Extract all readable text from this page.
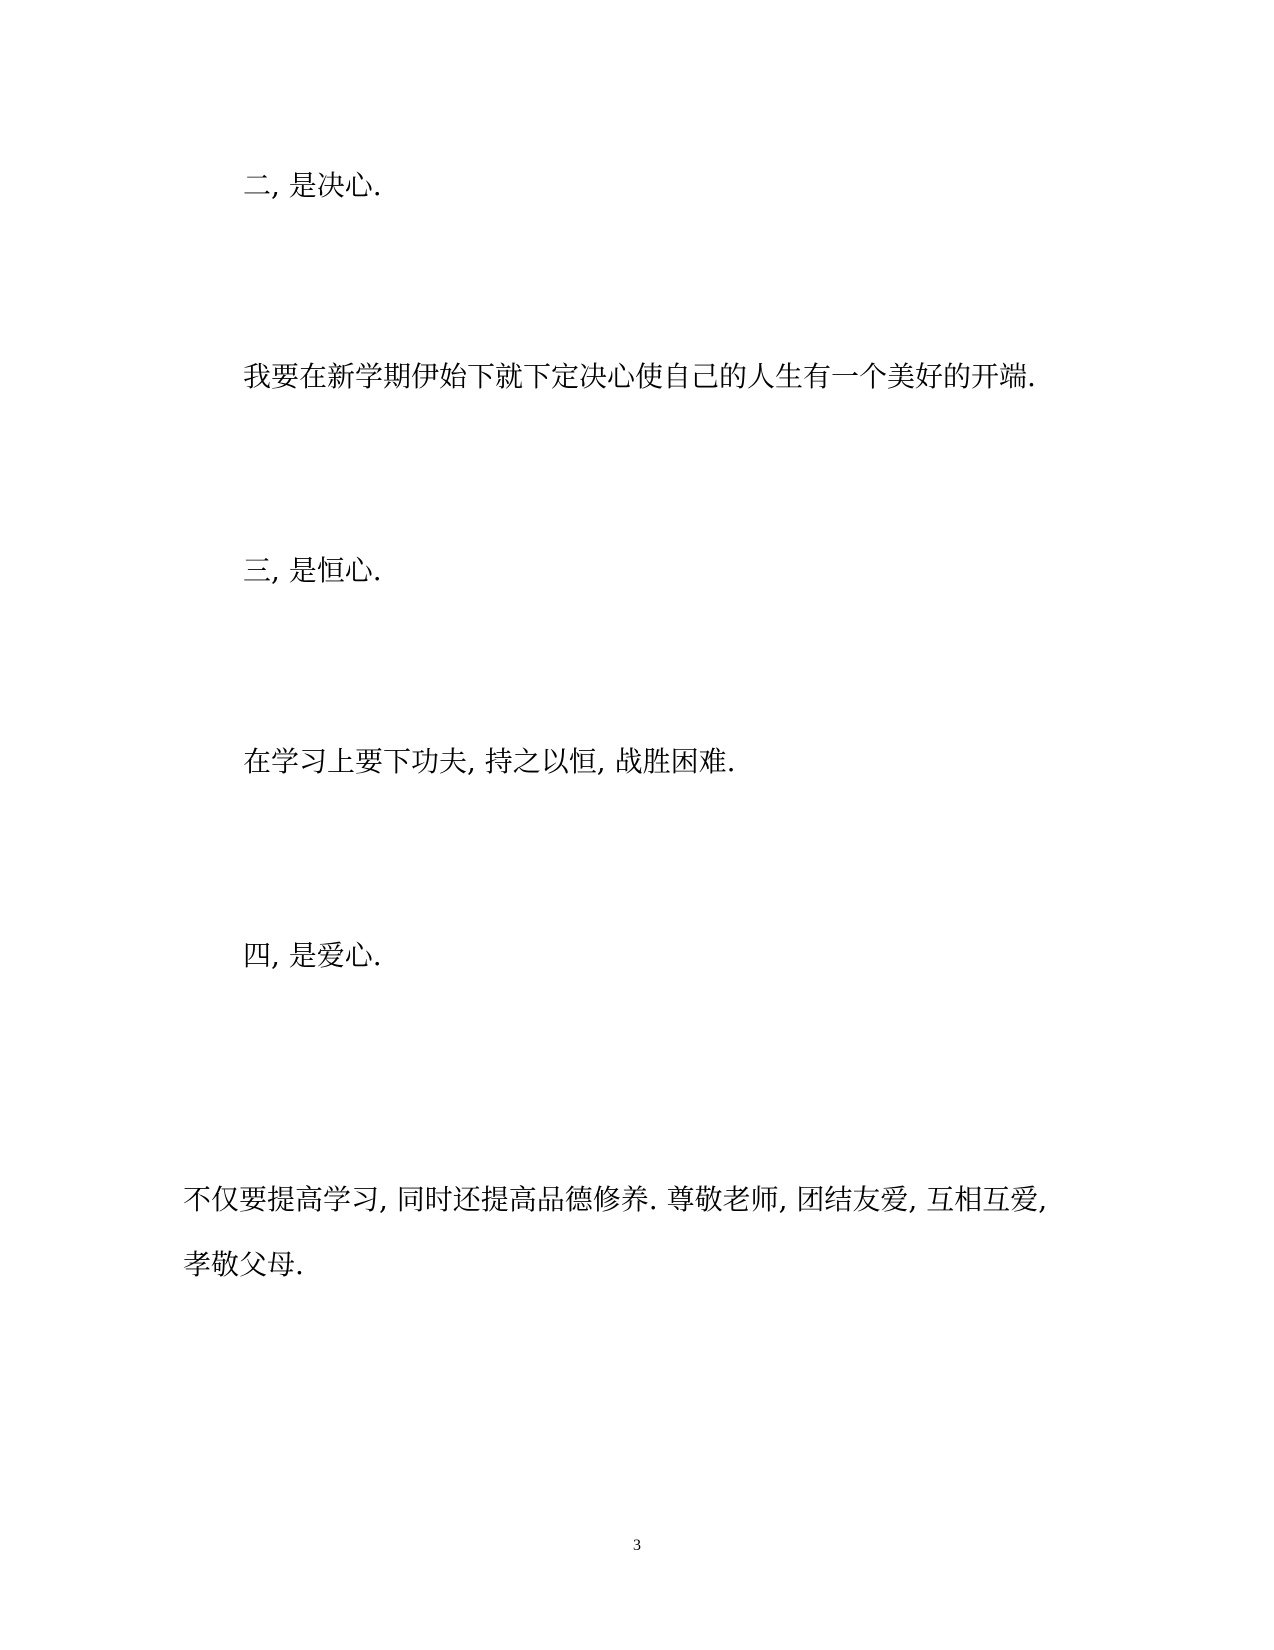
二, 是决心.
我要在新学期伊始下就下定决心使自己的人生有一个美好的开端.
三, 是恒心.
在学习上要下功夫, 持之以恒, 战胜困难.
四, 是爱心.
不仅要提高学习, 同时还提高品德修养. 尊敬老师, 团结友爱, 互相互爱,
孝敬父母.
3
